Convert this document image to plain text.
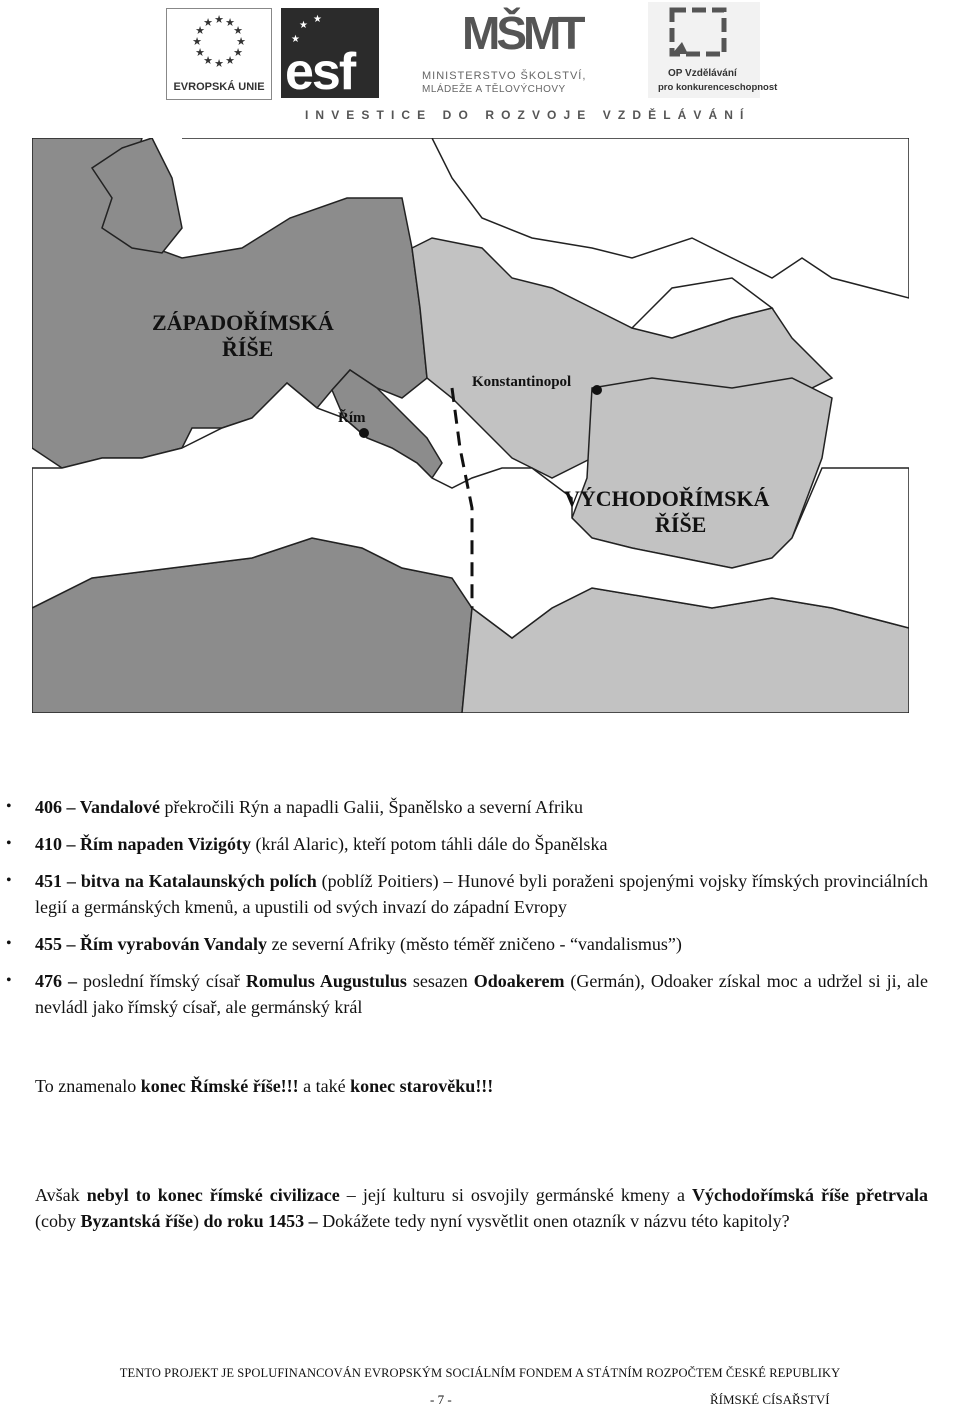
★ ★
★
★
★
★
★
★
★
★
★
★
EVROPSKÁ UNIE
★
★
★
esf
MŠMT
MINISTERSTVO ŠKOLSTVÍ,
MLÁDEŽE A TĚLOVÝCHOVY
OP Vzdělávání
pro konkurenceschopnost
INVESTICE DO ROZVOJE VZDĚLÁVÁNÍ
ZÁPADOŘÍMSKÁ
ŘÍŠE
Řím
Konstantinopol
VÝCHODOŘÍMSKÁ
ŘÍŠE
• 406 – Vandalové překročili Rýn a napadli Galii, Španělsko a severní Afriku
• 410 – Řím napaden Vizigóty (král Alaric), kteří potom táhli dále do Španělska
• 451 – bitva na Katalaunských polích (poblíž Poitiers) – Hunové byli poraženi spojenými vojsky římských provinciálních legií a germánských kmenů, a upustili od svých invazí do západní Evropy
• 455 – Řím vyrabován Vandaly ze severní Afriky (město téměř zničeno - “vandalismus”)
• 476 – poslední římský císař Romulus Augustulus sesazen Odoakerem (Germán), Odoaker získal moc a udržel si ji, ale nevládl jako římský císař, ale germánský král
To znamenalo konec Římské říše!!! a také konec starověku!!!
Avšak nebyl to konec římské civilizace – její kulturu si osvojily germánské kmeny a Východořímská říše přetrvala (coby Byzantská říše) do roku 1453 – Dokážete tedy nyní vysvětlit onen otazník v názvu této kapitoly?
TENTO PROJEKT JE SPOLUFINANCOVÁN EVROPSKÝM SOCIÁLNÍM FONDEM A STÁTNÍM ROZPOČTEM ČESKÉ REPUBLIKY
- 7 -	ŘÍMSKÉ CÍSAŘSTVÍ
